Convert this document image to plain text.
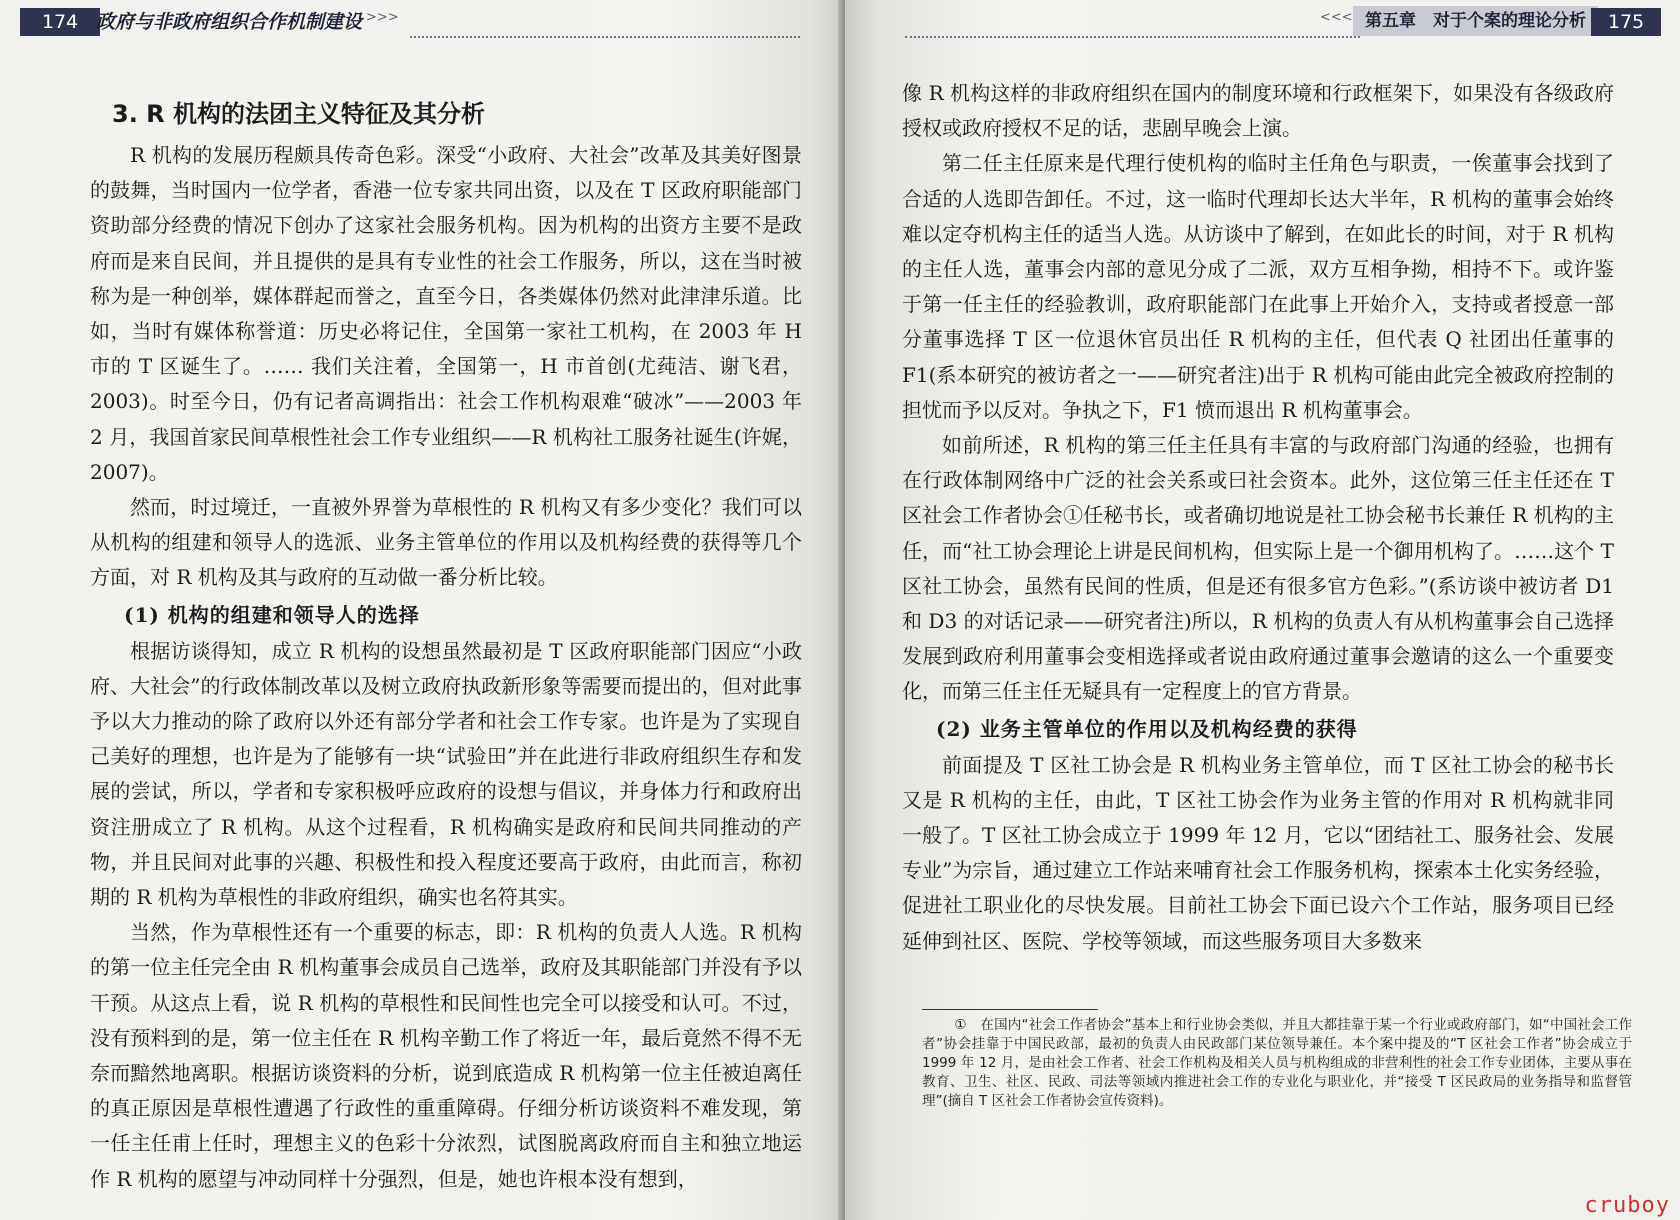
174 政府与非政府组织合作机制建设 >>>
3. R 机构的法团主义特征及其分析

R 机构的发展历程颇具传奇色彩。深受“小政府、大社会”改革及其美好图景的鼓舞，当时国内一位学者，香港一位专家共同出资，以及在 T 区政府职能部门资助部分经费的情况下创办了这家社会服务机构。因为机构的出资方主要不是政府而是来自民间，并且提供的是具有专业性的社会工作服务，所以，这在当时被称为是一种创举，媒体群起而誉之，直至今日，各类媒体仍然对此津津乐道。比如，当时有媒体称誉道：历史必将记住，全国第一家社工机构，在 2003 年 H 市的 T 区诞生了。…… 我们关注着，全国第一，H 市首创(尤莼洁、谢飞君，2003)。时至今日，仍有记者高调指出：社会工作机构艰难“破冰”——2003 年 2 月，我国首家民间草根性社会工作专业组织——R 机构社工服务社诞生(许娓，2007)。

然而，时过境迁，一直被外界誉为草根性的 R 机构又有多少变化？我们可以从机构的组建和领导人的选派、业务主管单位的作用以及机构经费的获得等几个方面，对 R 机构及其与政府的互动做一番分析比较。

(1) 机构的组建和领导人的选择

根据访谈得知，成立 R 机构的设想虽然最初是 T 区政府职能部门因应“小政府、大社会”的行政体制改革以及树立政府执政新形象等需要而提出的，但对此事予以大力推动的除了政府以外还有部分学者和社会工作专家。也许是为了实现自己美好的理想，也许是为了能够有一块“试验田”并在此进行非政府组织生存和发展的尝试，所以，学者和专家积极呼应政府的设想与倡议，并身体力行和政府出资注册成立了 R 机构。从这个过程看，R 机构确实是政府和民间共同推动的产物，并且民间对此事的兴趣、积极性和投入程度还要高于政府，由此而言，称初期的 R 机构为草根性的非政府组织，确实也名符其实。

当然，作为草根性还有一个重要的标志，即：R 机构的负责人人选。R 机构的第一位主任完全由 R 机构董事会成员自己选举，政府及其职能部门并没有予以干预。从这点上看，说 R 机构的草根性和民间性也完全可以接受和认可。不过，没有预料到的是，第一位主任在 R 机构辛勤工作了将近一年，最后竟然不得不无奈而黯然地离职。根据访谈资料的分析，说到底造成 R 机构第一位主任被迫离任的真正原因是草根性遭遇了行政性的重重障碍。仔细分析访谈资料不难发现，第一任主任甫上任时，理想主义的色彩十分浓烈，试图脱离政府而自主和独立地运作 R 机构的愿望与冲动同样十分强烈，但是，她也许根本没有想到，

<<< 第五章　对于个案的理论分析	175

像 R 机构这样的非政府组织在国内的制度环境和行政框架下，如果没有各级政府授权或政府授权不足的话，悲剧早晚会上演。

第二任主任原来是代理行使机构的临时主任角色与职责，一俟董事会找到了合适的人选即告卸任。不过，这一临时代理却长达大半年，R 机构的董事会始终难以定夺机构主任的适当人选。从访谈中了解到，在如此长的时间，对于 R 机构的主任人选，董事会内部的意见分成了二派，双方互相争拗，相持不下。或许鉴于第一任主任的经验教训，政府职能部门在此事上开始介入，支持或者授意一部分董事选择 T 区一位退休官员出任 R 机构的主任，但代表 Q 社团出任董事的 F1(系本研究的被访者之一——研究者注)出于 R 机构可能由此完全被政府控制的担忧而予以反对。争执之下，F1 愤而退出 R 机构董事会。

如前所述，R 机构的第三任主任具有丰富的与政府部门沟通的经验，也拥有在行政体制网络中广泛的社会关系或曰社会资本。此外，这位第三任主任还在 T 区社会工作者协会①任秘书长，或者确切地说是社工协会秘书长兼任 R 机构的主任，而“社工协会理论上讲是民间机构，但实际上是一个御用机构了。……这个 T 区社工协会，虽然有民间的性质，但是还有很多官方色彩。”(系访谈中被访者 D1 和 D3 的对话记录——研究者注)所以，R 机构的负责人有从机构董事会自己选择发展到政府利用董事会变相选择或者说由政府通过董事会邀请的这么一个重要变化，而第三任主任无疑具有一定程度上的官方背景。

(2) 业务主管单位的作用以及机构经费的获得

前面提及 T 区社工协会是 R 机构业务主管单位，而 T 区社工协会的秘书长又是 R 机构的主任，由此，T 区社工协会作为业务主管的作用对 R 机构就非同一般了。T 区社工协会成立于 1999 年 12 月，它以“团结社工、服务社会、发展专业”为宗旨，通过建立工作站来哺育社会工作服务机构，探索本土化实务经验，促进社工职业化的尽快发展。目前社工协会下面已设六个工作站，服务项目已经延伸到社区、医院、学校等领域，而这些服务项目大多数来

①　在国内“社会工作者协会”基本上和行业协会类似，并且大都挂靠于某一个行业或政府部门，如“中国社会工作者”协会挂靠于中国民政部，最初的负责人由民政部门某位领导兼任。本个案中提及的“T 区社会工作者”协会成立于 1999 年 12 月，是由社会工作者、社会工作机构及相关人员与机构组成的非营利性的社会工作专业团体，主要从事在教育、卫生、社区、民政、司法等领域内推进社会工作的专业化与职业化，并“接受 T 区民政局的业务指导和监督管理”(摘自 T 区社会工作者协会宣传资料)。

cruboy
